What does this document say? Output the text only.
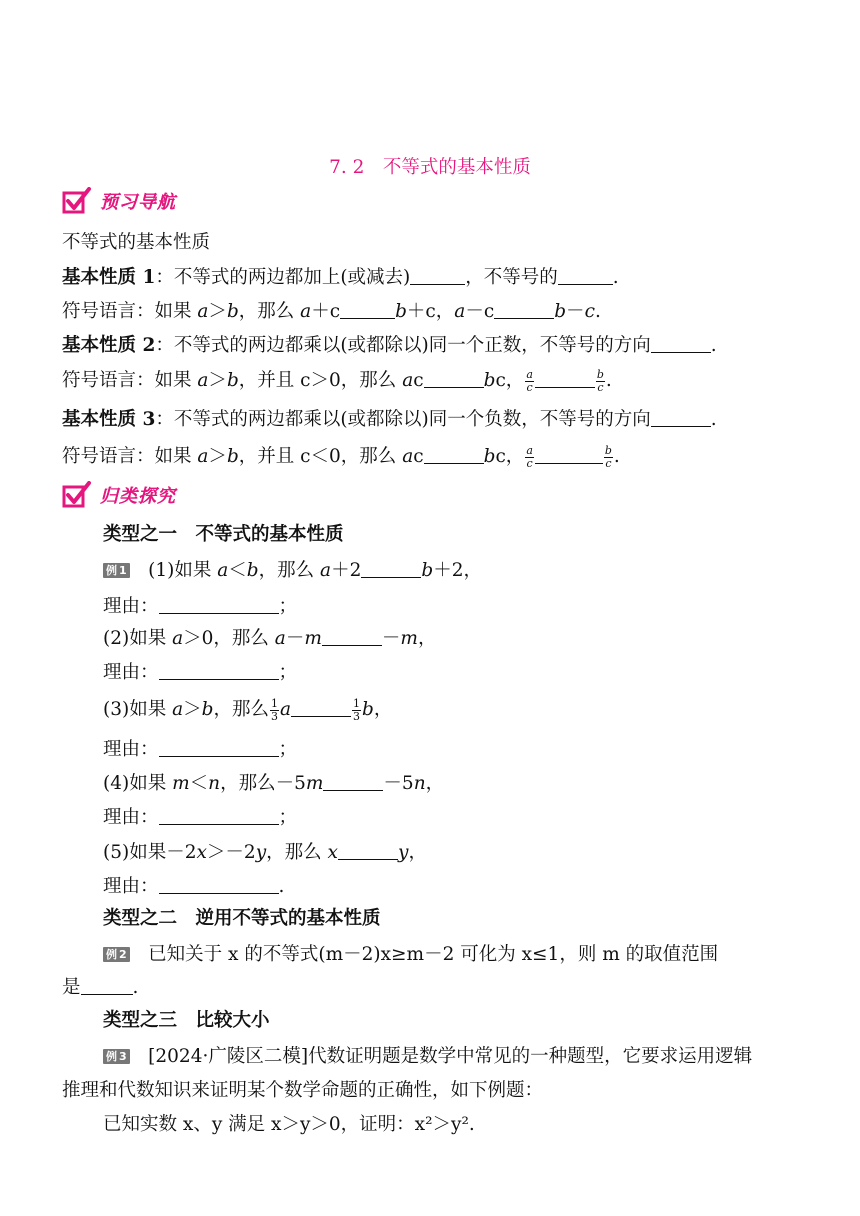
7. 2　不等式的基本性质
预习导航
不等式的基本性质
基本性质 1：不等式的两边都加上(或减去)	，不等号的	.
符号语言：如果 a＞b，那么 a＋c	b＋c，a－c	b－c.
基本性质 2：不等式的两边都乘以(或都除以)同一个正数，不等号的方向	.
符号语言：如果 a＞b，并且 c＞0，那么 ac	bc， $\frac{a}{c}$	$\frac{b}{c}$ .
基本性质 3：不等式的两边都乘以(或都除以)同一个负数，不等号的方向	.
符号语言：如果 a＞b，并且 c＜0，那么 ac	bc， $\frac{a}{c}$	$\frac{b}{c}$ .
归类探究
类型之一　不等式的基本性质
例 1　(1)如果 a＜b，那么 a＋2	b＋2，
理由：	；
(2)如果 a＞0，那么 a－m	－m，
理由：	；
(3)如果 a＞b，那么 $\frac{1}{3}$ a	$\frac{1}{3}$ b，
理由：	；
(4)如果 m＜n，那么－5m	－5n，
理由：	；
(5)如果－2x＞－2y，那么 x	y，
理由：	.
类型之二　逆用不等式的基本性质
例 2　 已知关于 x 的不等式(m－2)x≥m－2 可化为 x≤1，则 m 的取值范围
是	.
类型之三　比较大小
例 3　 [2024·广陵区二模]代数证明题是数学中常见的一种题型，它要求运用逻辑
推理和代数知识来证明某个数学命题的正确性，如下例题：
已知实数 x、y 满足 x＞y＞0，证明：x²＞y².
